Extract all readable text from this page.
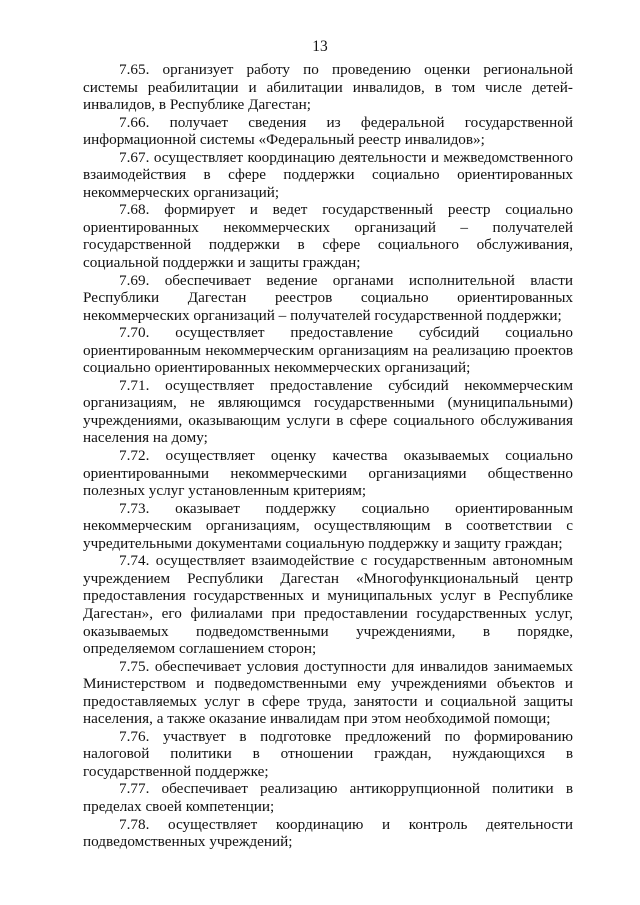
13

7.65. организует работу по проведению оценки региональной системы реабилитации и абилитации инвалидов, в том числе детей-инвалидов, в Республике Дагестан;

7.66. получает сведения из федеральной государственной информационной системы «Федеральный реестр инвалидов»;

7.67. осуществляет координацию деятельности и межведомственного взаимодействия в сфере поддержки социально ориентированных некоммерческих организаций;

7.68. формирует и ведет государственный реестр социально ориентированных некоммерческих организаций – получателей государственной поддержки в сфере социального обслуживания, социальной поддержки и защиты граждан;

7.69. обеспечивает ведение органами исполнительной власти Республики Дагестан реестров социально ориентированных некоммерческих организаций – получателей государственной поддержки;

7.70. осуществляет предоставление субсидий социально ориентированным некоммерческим организациям на реализацию проектов социально ориентированных некоммерческих организаций;

7.71. осуществляет предоставление субсидий некоммерческим организациям, не являющимся государственными (муниципальными) учреждениями, оказывающим услуги в сфере социального обслуживания населения на дому;

7.72. осуществляет оценку качества оказываемых социально ориентированными некоммерческими организациями общественно полезных услуг установленным критериям;

7.73. оказывает поддержку социально ориентированным некоммерческим организациям, осуществляющим в соответствии с учредительными документами социальную поддержку и защиту граждан;

7.74. осуществляет взаимодействие с государственным автономным учреждением Республики Дагестан «Многофункциональный центр предоставления государственных и муниципальных услуг в Республике Дагестан», его филиалами при предоставлении государственных услуг, оказываемых подведомственными учреждениями, в порядке, определяемом соглашением сторон;

7.75. обеспечивает условия доступности для инвалидов занимаемых Министерством и подведомственными ему учреждениями объектов и предоставляемых услуг в сфере труда, занятости и социальной защиты населения, а также оказание инвалидам при этом необходимой помощи;

7.76. участвует в подготовке предложений по формированию налоговой политики в отношении граждан, нуждающихся в государственной поддержке;

7.77. обеспечивает реализацию антикоррупционной политики в пределах своей компетенции;

7.78. осуществляет координацию и контроль деятельности подведомственных учреждений;
